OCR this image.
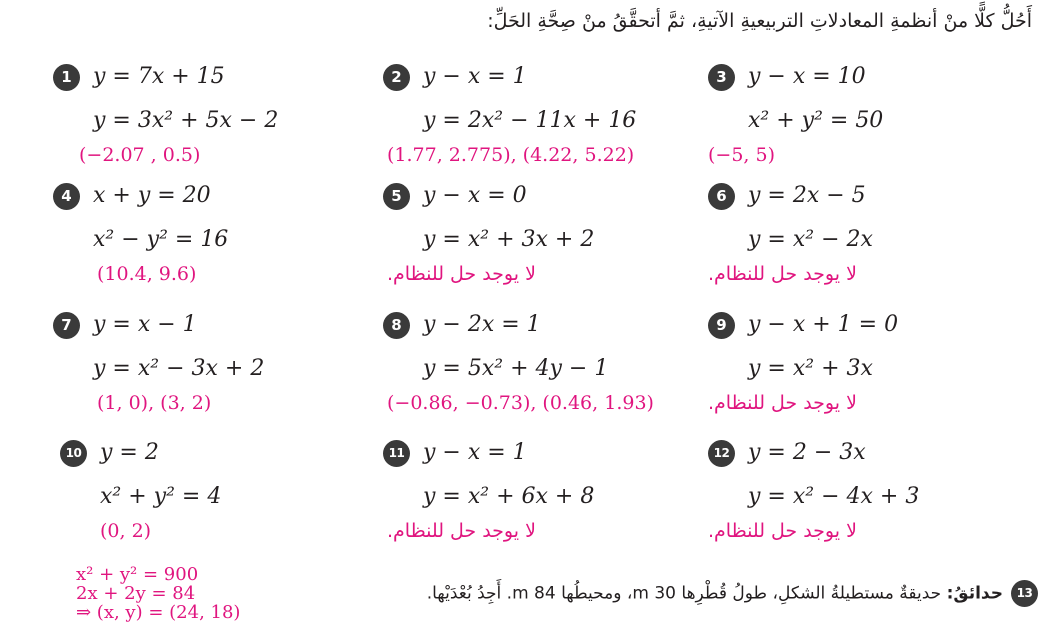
أَحُلُّ كلًّا منْ أنظمةِ المعادلاتِ التربيعيةِ الآتيةِ، ثمَّ أتحقَّقُ منْ صِحَّةِ الحَلِّ:
1 y = 7x + 15
y = 3x² + 5x − 2
(−2.07 , 0.5)
2 y − x = 1
y = 2x² − 11x + 16
(1.77, 2.775), (4.22, 5.22)
3 y − x = 10
x² + y² = 50
(−5, 5)
4 x + y = 20
x² − y² = 16
(10.4, 9.6)
5 y − x = 0
y = x² + 3x + 2
لا يوجد حل للنظام.
6 y = 2x − 5
y = x² − 2x
لا يوجد حل للنظام.
7 y = x − 1
y = x² − 3x + 2
(1, 0), (3, 2)
8 y − 2x = 1
y = 5x² + 4y − 1
(−0.86, −0.73), (0.46, 1.93)
9 y − x + 1 = 0
y = x² + 3x
لا يوجد حل للنظام.
10 y = 2
x² + y² = 4
(0, 2)
11 y − x = 1
y = x² + 6x + 8
لا يوجد حل للنظام.
12 y = 2 − 3x
y = x² − 4x + 3
لا يوجد حل للنظام.
x² + y² = 900
2x + 2y = 84
⇒ (x, y) = (24, 18)
13حدائقُ: حديقةٌ مستطيلةُ الشكلِ، طولُ قُطْرِها 30 m، ومحيطُها 84 m. أَجِدُ بُعْدَيْها.
